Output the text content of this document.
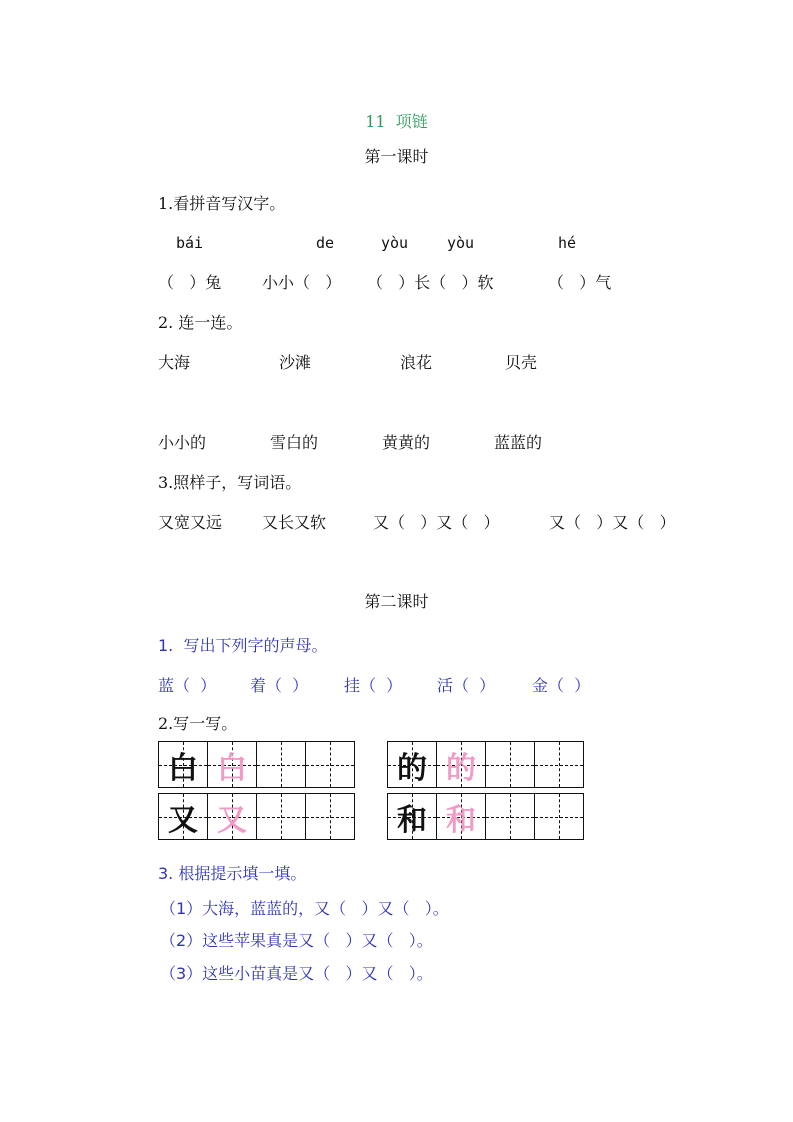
11  项链
第一课时
1.看拼音写汉字。
bái	de	yòu	yòu	hé
（   ）兔	小小（   ） （   ）长（   ）软	（   ）气
2. 连一连。
大海	沙滩	浪花	贝壳
小小的	雪白的	黄黄的	蓝蓝的
3.照样子，写词语。
又宽又远 又长又软	又（   ）又（   ）	又（   ）又（   ）
第二课时
1.  写出下列字的声母。
蓝（  ） 着（  ） 挂（  ） 活（  ） 金（  ）
2.写一写。
白 白	的 的
又 又	和 和
3. 根据提示填一填。
（1）大海，蓝蓝的，又（   ）又（   ）。
（2）这些苹果真是又（   ）又（   ）。
（3）这些小苗真是又（   ）又（   ）。
